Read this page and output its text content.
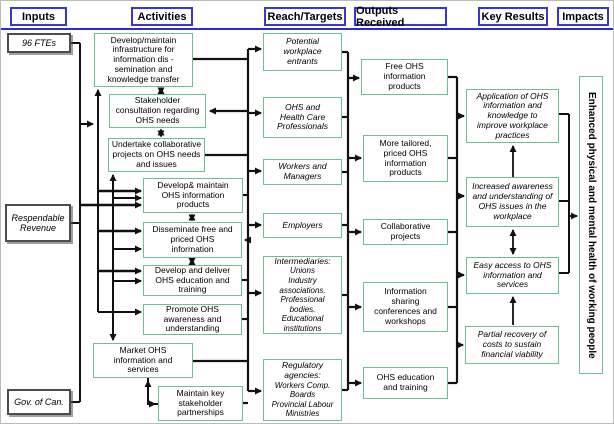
Inputs	Activities	Reach/Targets	Outputs Received	Key Results	Impacts
96 FTEs
Respendable
Revenue
Gov. of Can.
Develop/maintain
infrastructure for
information dis -
semination and
knowledge transfer
Stakeholder
consultation regarding
OHS needs
Undertake collaborative
projects on OHS needs
and issues
Develop& maintain
OHS information
products
Disseminate free and
priced OHS
information
Develop and deliver
OHS education and
training
Promote OHS
awareness and
understanding
Market OHS
information and
services
Maintain key
stakeholder
partnerships
Potential
workplace
entrants
OHS and
Health Care
Professionals
Workers and
Managers
Employers
Intermediaries:
Unions
Industry
associations.
Professional
bodies.
Educational
institutions
Regulatory
agencies:
Workers Comp.
Boards
Provincial Labour
Ministries
Free OHS
information
products
More tailored,
priced OHS
information
products
Collaborative
projects
Information
sharing
conferences and
workshops
OHS education
and training
Application of OHS
information and
knowledge to
improve workplace
practices
Increased awareness
and understanding of
OHS issues in the
workplace
Easy access to OHS
information and
services
Partial recovery of
costs to sustain
financial viability	Enhanced physical and mental health of working people
